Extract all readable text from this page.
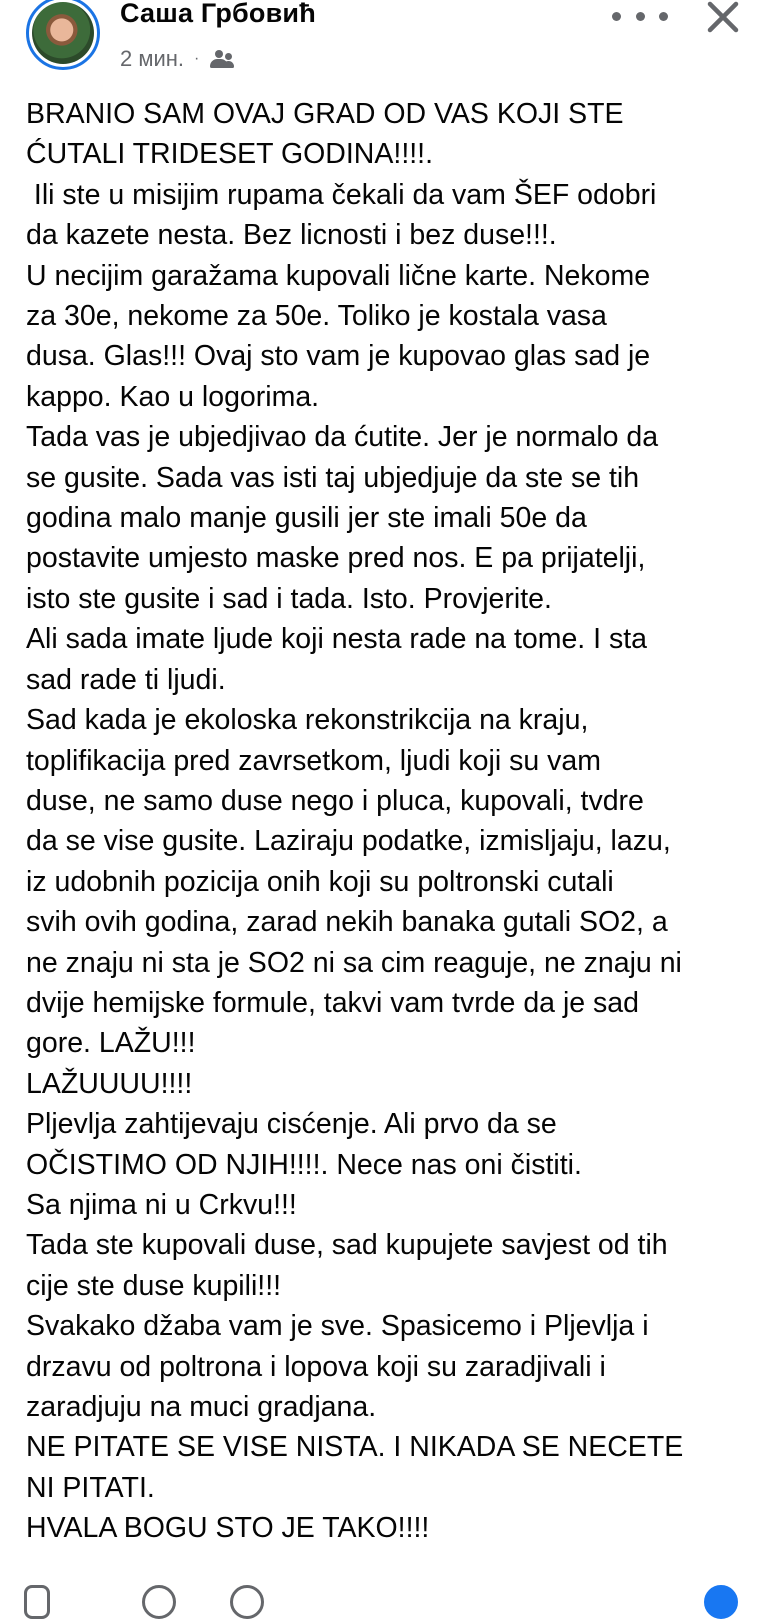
Саша Грбовић
2 мин. ·
BRANIO SAM OVAJ GRAD OD VAS KOJI STE
ĆUTALI TRIDESET GODINA!!!!.
Ili ste u misijim rupama čekali da vam ŠEF odobri
da kazete nesta. Bez licnosti i bez duse!!!.
U necijim garažama kupovali lične karte. Nekome
za 30e, nekome za 50e. Toliko je kostala vasa
dusa. Glas!!! Ovaj sto vam je kupovao glas sad je
kappo. Kao u logorima.
Tada vas je ubjedjivao da ćutite. Jer je normalo da
se gusite. Sada vas isti taj ubjedjuje da ste se tih
godina malo manje gusili jer ste imali 50e da
postavite umjesto maske pred nos. E pa prijatelji,
isto ste gusite i sad i tada. Isto. Provjerite.
Ali sada imate ljude koji nesta rade na tome. I sta
sad rade ti ljudi.
Sad kada je ekoloska rekonstrikcija na kraju,
toplifikacija pred zavrsetkom, ljudi koji su vam
duse, ne samo duse nego i pluca, kupovali, tvdre
da se vise gusite. Laziraju podatke, izmisljaju, lazu,
iz udobnih pozicija onih koji su poltronski cutali
svih ovih godina, zarad nekih banaka gutali SO2, a
ne znaju ni sta je SO2 ni sa cim reaguje, ne znaju ni
dvije hemijske formule, takvi vam tvrde da je sad
gore. LAŽU!!!
LAŽUUUU!!!!
Pljevlja zahtijevaju cisćenje. Ali prvo da se
OČISTIMO OD NJIH!!!!. Nece nas oni čistiti.
Sa njima ni u Crkvu!!!
Tada ste kupovali duse, sad kupujete savjest od tih
cije ste duse kupili!!!
Svakako džaba vam je sve. Spasicemo i Pljevlja i
drzavu od poltrona i lopova koji su zaradjivali i
zaradjuju na muci gradjana.
NE PITATE SE VISE NISTA. I NIKADA SE NECETE
NI PITATI.
HVALA BOGU STO JE TAKO!!!!
